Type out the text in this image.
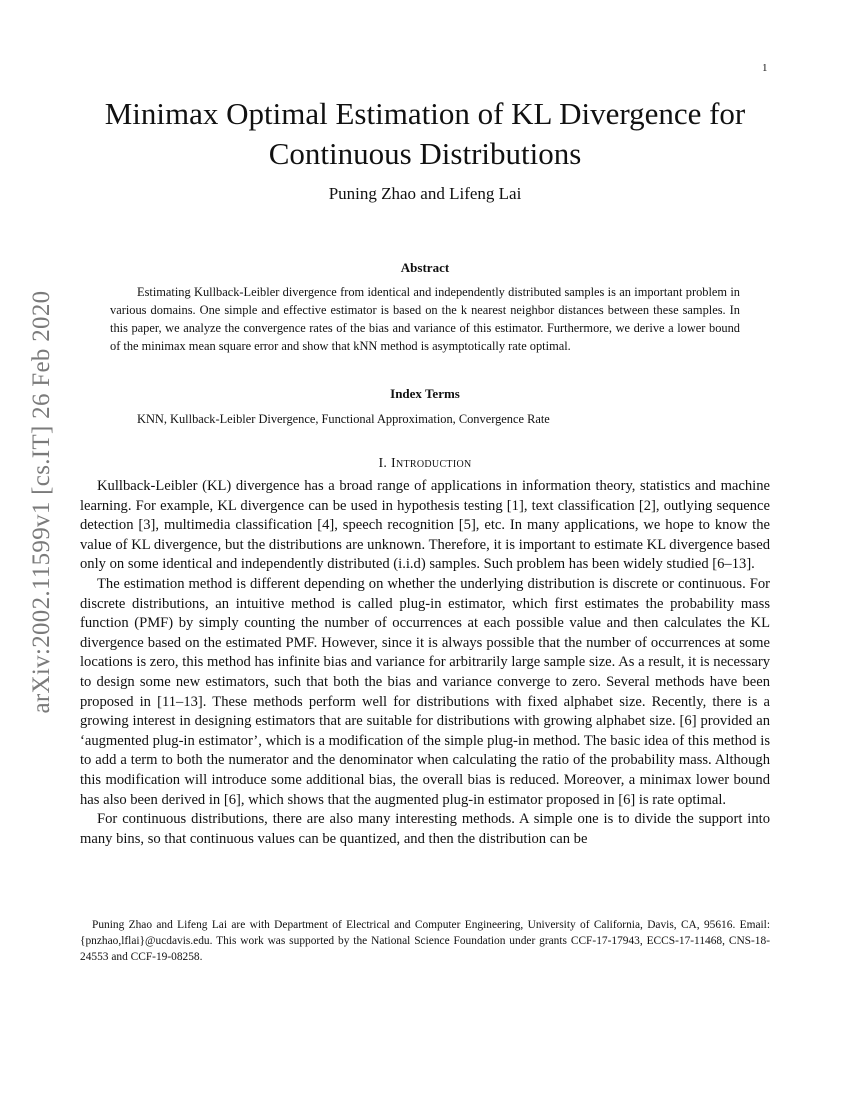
1
arXiv:2002.11599v1 [cs.IT] 26 Feb 2020
Minimax Optimal Estimation of KL Divergence for Continuous Distributions
Puning Zhao and Lifeng Lai
Abstract

Estimating Kullback-Leibler divergence from identical and independently distributed samples is an important problem in various domains. One simple and effective estimator is based on the k nearest neighbor distances between these samples. In this paper, we analyze the convergence rates of the bias and variance of this estimator. Furthermore, we derive a lower bound of the minimax mean square error and show that kNN method is asymptotically rate optimal.

Index Terms

KNN, Kullback-Leibler Divergence, Functional Approximation, Convergence Rate

I. Introduction

Kullback-Leibler (KL) divergence has a broad range of applications in information theory, statistics and machine learning. For example, KL divergence can be used in hypothesis testing [1], text classification [2], outlying sequence detection [3], multimedia classification [4], speech recognition [5], etc. In many applications, we hope to know the value of KL divergence, but the distributions are unknown. Therefore, it is important to estimate KL divergence based only on some identical and independently distributed (i.i.d) samples. Such problem has been widely studied [6–13].

The estimation method is different depending on whether the underlying distribution is discrete or continuous. For discrete distributions, an intuitive method is called plug-in estimator, which first estimates the probability mass function (PMF) by simply counting the number of occurrences at each possible value and then calculates the KL divergence based on the estimated PMF. However, since it is always possible that the number of occurrences at some locations is zero, this method has infinite bias and variance for arbitrarily large sample size. As a result, it is necessary to design some new estimators, such that both the bias and variance converge to zero. Several methods have been proposed in [11–13]. These methods perform well for distributions with fixed alphabet size. Recently, there is a growing interest in designing estimators that are suitable for distributions with growing alphabet size. [6] provided an ‘augmented plug-in estimator’, which is a modification of the simple plug-in method. The basic idea of this method is to add a term to both the numerator and the denominator when calculating the ratio of the probability mass. Although this modification will introduce some additional bias, the overall bias is reduced. Moreover, a minimax lower bound has also been derived in [6], which shows that the augmented plug-in estimator proposed in [6] is rate optimal.

For continuous distributions, there are also many interesting methods. A simple one is to divide the support into many bins, so that continuous values can be quantized, and then the distribution can be

Puning Zhao and Lifeng Lai are with Department of Electrical and Computer Engineering, University of California, Davis, CA, 95616. Email: {pnzhao,lflai}@ucdavis.edu. This work was supported by the National Science Foundation under grants CCF-17-17943, ECCS-17-11468, CNS-18-24553 and CCF-19-08258.
